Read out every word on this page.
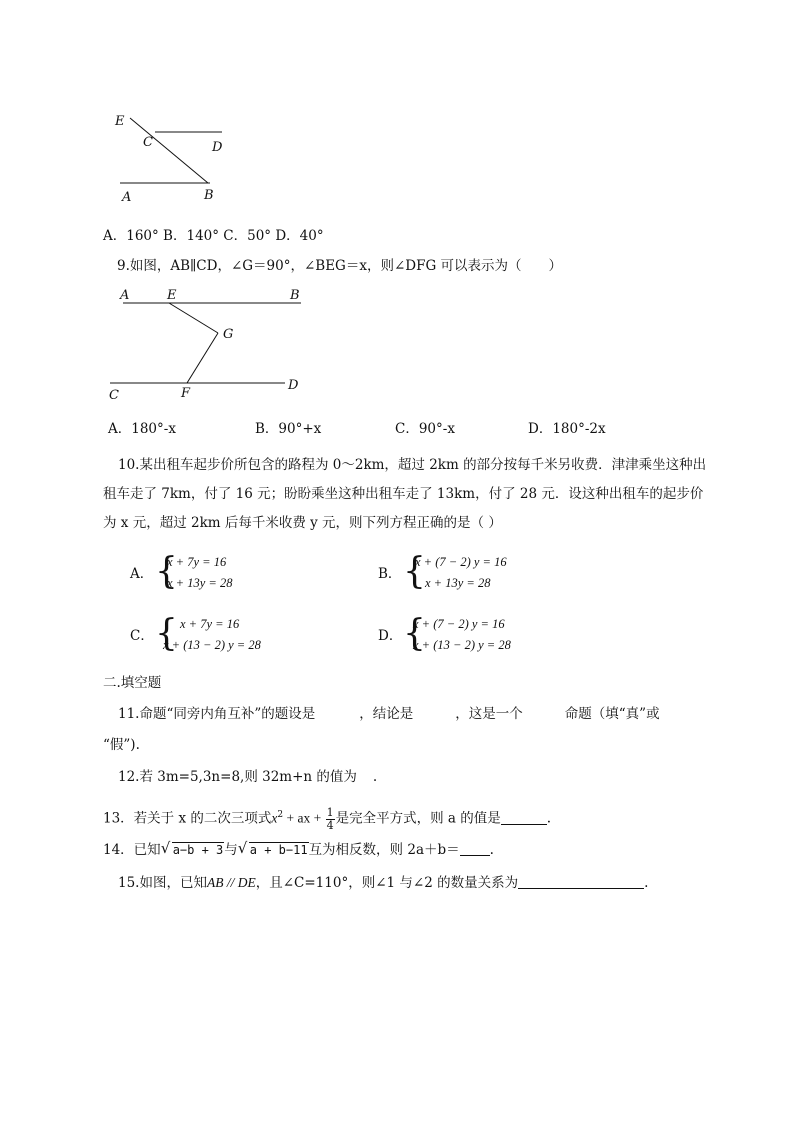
E
C	D
A	B
A．160° B．140° C．50° D．40°
9.如图，AB∥CD，∠G＝90°，∠BEG＝x，则∠DFG 可以表示为（　　）
A	E	B
G
C	F
D
A．180°-x	B．90°+x	C．90°-x	D．180°-2x
10.某出租车起步价所包含的路程为 0～2km，超过 2km 的部分按每千米另收费．津津乘坐这种出
租车走了 7km，付了 16 元；盼盼乘坐这种出租车走了 13km，付了 28 元．设这种出租车的起步价
为 x 元，超过 2km 后每千米收费 y 元，则下列方程正确的是（ ）
A． {
x + 7y = 16
x + 13y = 28
B． {
x + (7 − 2) y = 16
x + 13y = 28
C． { x + 7y = 16
x + (13 − 2) y = 28
D． {
x + (7 − 2) y = 16
x + (13 − 2) y = 28
二.填空题
11.命题“同旁内角互补”的题设是	，结论是	，这是一个	命题（填“真”或
“假”).
12.若 3m=5,3n=8,则 32m+n 的值为 .
13．若关于 x 的二次三项式$x^2$ + ax + $\frac{1}{4}$ 是完全平方式，则 a 的值是	.
14．已知 √ a−b + 3与 √ a + b−11互为相反数，则 2a＋b＝ .
15.如图，已知AB // DE，且∠C=110°，则∠1 与∠2 的数量关系为	.
